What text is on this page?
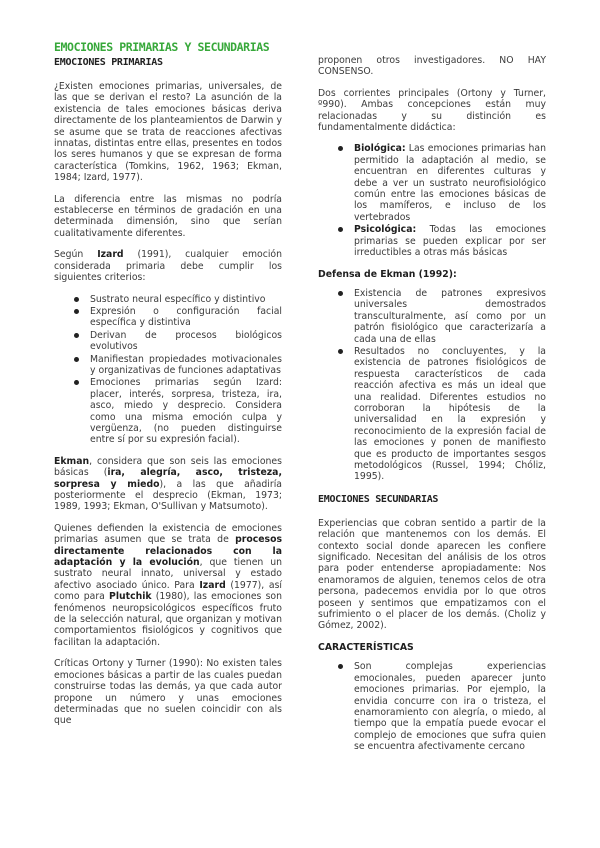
EMOCIONES PRIMARIAS Y SECUNDARIAS
EMOCIONES PRIMARIAS

¿Existen emociones primarias, universales, de las que se derivan el resto? La asunción de la existencia de tales emociones básicas deriva directamente de los planteamientos de Darwin y se asume que se trata de reacciones afectivas innatas, distintas entre ellas, presentes en todos los seres humanos y que se expresan de forma característica (Tomkins, 1962, 1963; Ekman, 1984; Izard, 1977).

La diferencia entre las mismas no podría establecerse en términos de gradación en una determinada dimensión, sino que serían cualitativamente diferentes.

Según Izard (1991), cualquier emoción considerada primaria debe cumplir los siguientes criterios:

Sustrato neural específico y distintivo
Expresión o configuración facial específica y distintiva
Derivan de procesos biológicos evolutivos
Manifiestan propiedades motivacionales y organizativas de funciones adaptativas
Emociones primarias según Izard: placer, interés, sorpresa, tristeza, ira, asco, miedo y desprecio. Considera como una misma emoción culpa y vergüenza, (no pueden distinguirse entre sí por su expresión facial).

Ekman, considera que son seis las emociones básicas (ira, alegría, asco, tristeza, sorpresa y miedo), a las que añadiría posteriormente el desprecio (Ekman, 1973; 1989, 1993; Ekman, O'Sullivan y Matsumoto).

Quienes defienden la existencia de emociones primarias asumen que se trata de procesos directamente relacionados con la adaptación y la evolución, que tienen un sustrato neural innato, universal y estado afectivo asociado único. Para Izard (1977), así como para Plutchik (1980), las emociones son fenómenos neuropsicológicos específicos fruto de la selección natural, que organizan y motivan comportamientos fisiológicos y cognitivos que facilitan la adaptación.

Críticas Ortony y Turner (1990): No existen tales emociones básicas a partir de las cuales puedan construirse todas las demás, ya que cada autor propone un número y unas emociones determinadas que no suelen coincidir con als que

proponen otros investigadores. NO HAY CONSENSO.

Dos corrientes principales (Ortony y Turner, º990). Ambas concepciones están muy relacionadas y su distinción es fundamentalmente didáctica:

Biológica: Las emociones primarias han permitido la adaptación al medio, se encuentran en diferentes culturas y debe a ver un sustrato neurofisiológico común entre las emociones básicas de los mamíferos, e incluso de los vertebrados
Psicológica: Todas las emociones primarias se pueden explicar por ser irreductibles a otras más básicas
Defensa de Ekman (1992):
Existencia de patrones expresivos universales demostrados transculturalmente, así como por un patrón fisiológico que caracterizaría a cada una de ellas
Resultados no concluyentes, y la existencia de patrones fisiológicos de respuesta característicos de cada reacción afectiva es más un ideal que una realidad. Diferentes estudios no corroboran la hipótesis de la universalidad en la expresión y reconocimiento de la expresión facial de las emociones y ponen de manifiesto que es producto de importantes sesgos metodológicos (Russel, 1994; Chóliz, 1995).
EMOCIONES SECUNDARIAS

Experiencias que cobran sentido a partir de la relación que mantenemos con los demás. El contexto social donde aparecen les confiere significado. Necesitan del análisis de los otros para poder entenderse apropiadamente: Nos enamoramos de alguien, tenemos celos de otra persona, padecemos envidia por lo que otros poseen y sentimos que empatizamos con el sufrimiento o el placer de los demás. (Choliz y Gómez, 2002).

CARACTERÍSTICAS
Son complejas experiencias emocionales, pueden aparecer junto emociones primarias. Por ejemplo, la envidia concurre con ira o tristeza, el enamoramiento con alegría, o miedo, al tiempo que la empatía puede evocar el complejo de emociones que sufra quien se encuentra afectivamente cercano
